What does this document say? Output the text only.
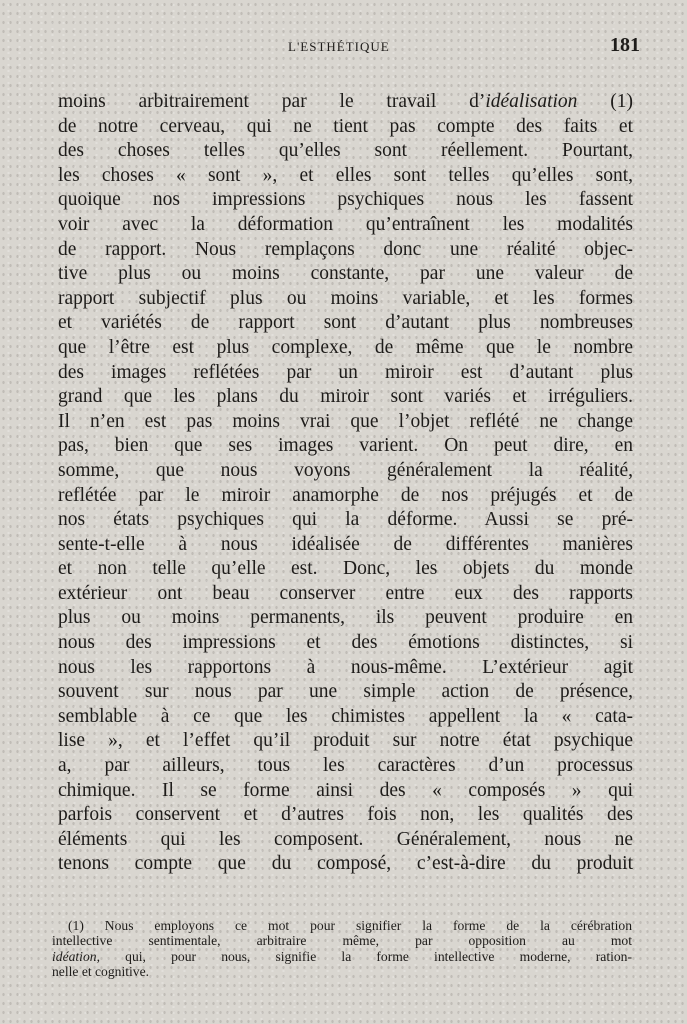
L'ESTHÉTIQUE	181
moins arbitrairement par le travail d’idéalisation (1)
de notre cerveau, qui ne tient pas compte des faits et
des choses telles qu’elles sont réellement. Pourtant,
les choses « sont », et elles sont telles qu’elles sont,
quoique nos impressions psychiques nous les fassent
voir avec la déformation qu’entraînent les modalités
de rapport. Nous remplaçons donc une réalité objec-
tive plus ou moins constante, par une valeur de
rapport subjectif plus ou moins variable, et les formes
et variétés de rapport sont d’autant plus nombreuses
que l’être est plus complexe, de même que le nombre
des images reflétées par un miroir est d’autant plus
grand que les plans du miroir sont variés et irréguliers.
Il n’en est pas moins vrai que l’objet reflété ne change
pas, bien que ses images varient. On peut dire, en
somme, que nous voyons généralement la réalité,
reflétée par le miroir anamorphe de nos préjugés et de
nos états psychiques qui la déforme. Aussi se pré-
sente-t-elle à nous idéalisée de différentes manières
et non telle qu’elle est. Donc, les objets du monde
extérieur ont beau conserver entre eux des rapports
plus ou moins permanents, ils peuvent produire en
nous des impressions et des émotions distinctes, si
nous les rapportons à nous-même. L’extérieur agit
souvent sur nous par une simple action de présence,
semblable à ce que les chimistes appellent la « cata-
lise », et l’effet qu’il produit sur notre état psychique
a, par ailleurs, tous les caractères d’un processus
chimique. Il se forme ainsi des « composés » qui
parfois conservent et d’autres fois non, les qualités des
éléments qui les composent. Généralement, nous ne
tenons compte que du composé, c’est-à-dire du produit
(1) Nous employons ce mot pour signifier la forme de la cérébration
intellective sentimentale, arbitraire même, par opposition au mot
idéation, qui, pour nous, signifie la forme intellective moderne, ration-
nelle et cognitive.
